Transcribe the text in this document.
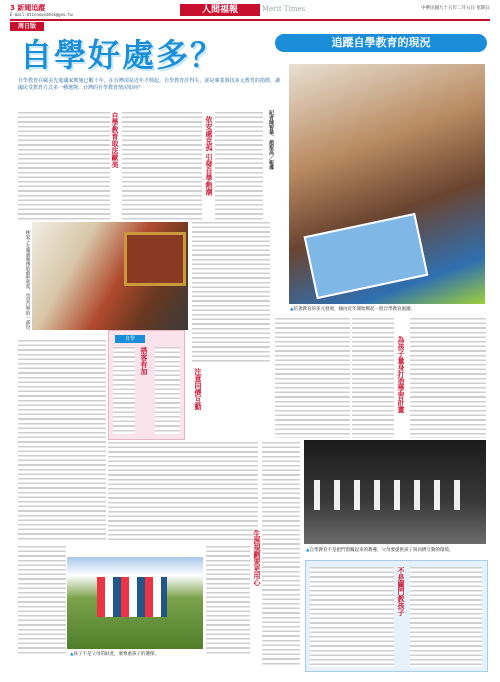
3 新聞追蹤
E-mail:mtinnewsdesk@gov.tw	人間福報	Merit Times	中華民國九十五年二月五日 星期日
周日版
自學好處多？	追蹤自學教育的現況
自學教育在歐美先進國家實施已數十年，在台灣卻是近年才興起。自學教育許得失，卻是專業與技多元教育的指標，讓國民受教育方式多一種選擇，台灣的自學教育情況如何？
▲陪著教育的多元發展，國內近年開始興起一股自學教育風潮。
記者陳智華、趙聖高／報導
自學教育取法歐美	依安處克孤 引發自學熱潮
林家子女閱讀廣博的藝術欣賞，也是自學的一部份。
為孩子量身打造學習計畫
自學
搭客有加
注意同儕互動
▲自學教育不是把門窗關起來的教導，父母要提供孩子與同儕互動的環境。
生涯規劃要更用心
▲孩子不是父母的財產，要尊重孩子的選擇。
不是關門教孩子
